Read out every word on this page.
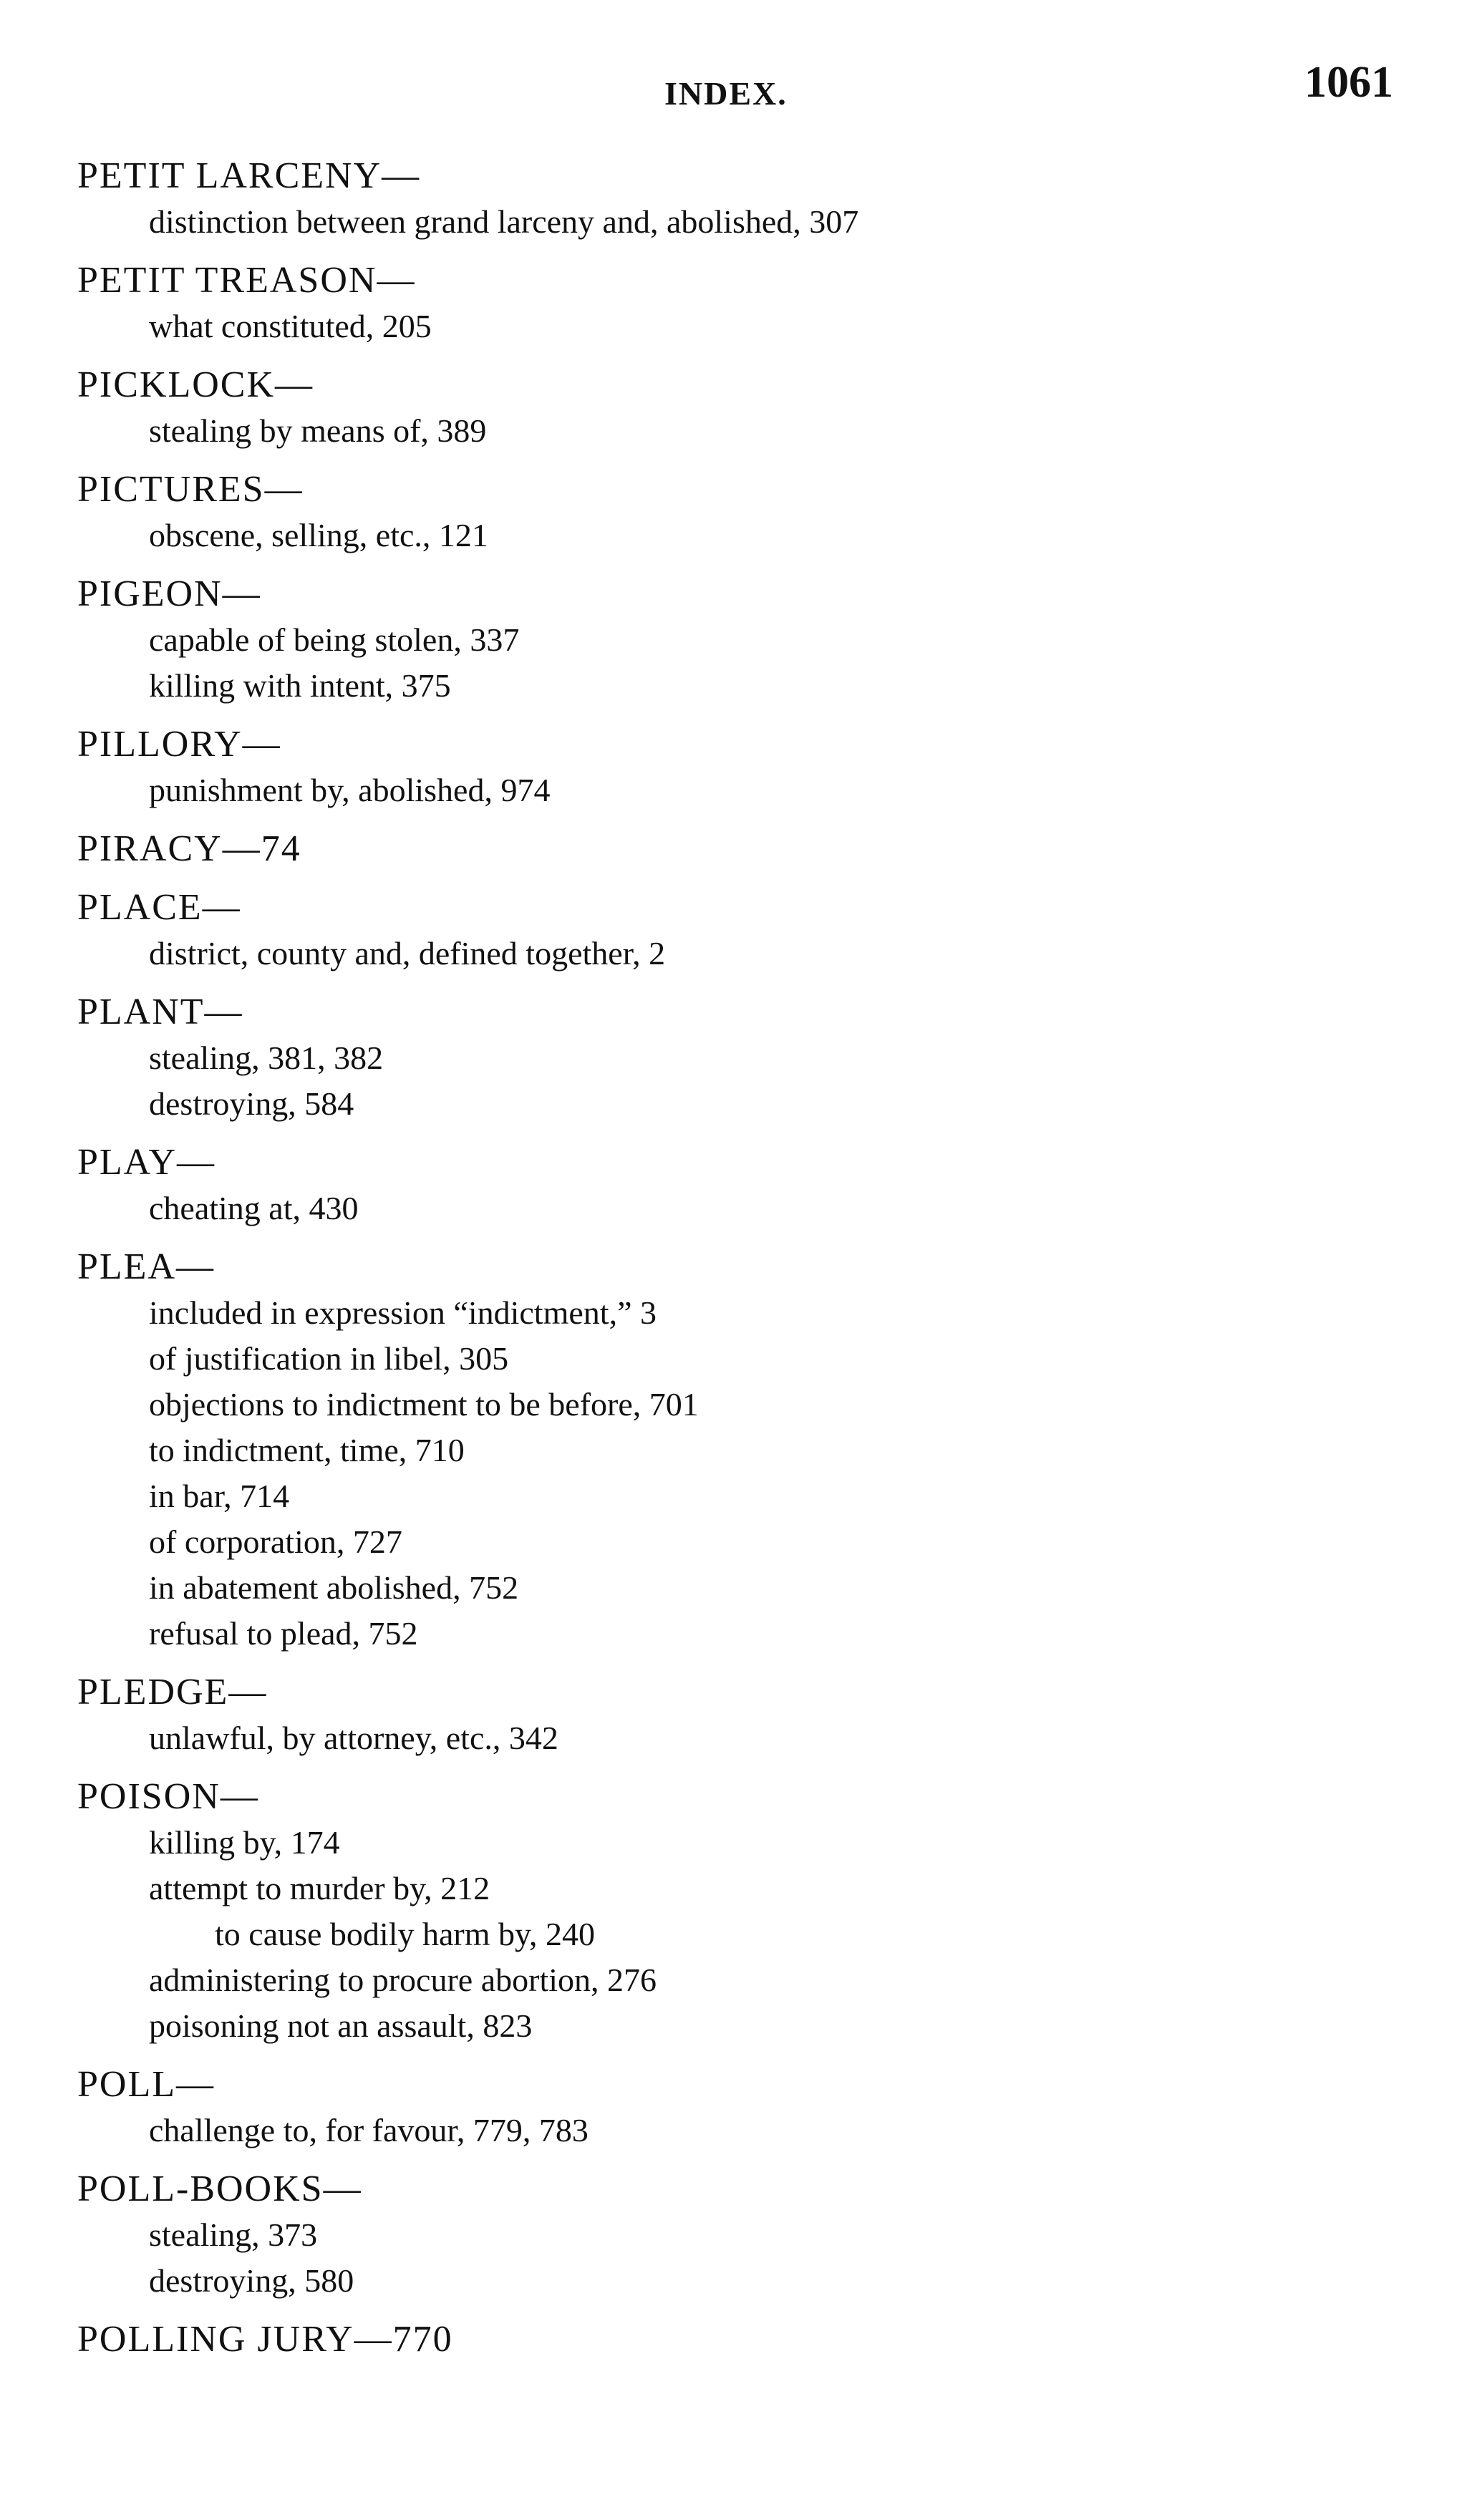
INDEX.	1061
PETIT LARCENY—
distinction between grand larceny and, abolished, 307
PETIT TREASON—
what constituted, 205
PICKLOCK—
stealing by means of, 389
PICTURES—
obscene, selling, etc., 121
PIGEON—
capable of being stolen, 337
killing with intent, 375
PILLORY—
punishment by, abolished, 974
PIRACY—74
PLACE—
district, county and, defined together, 2
PLANT—
stealing, 381, 382
destroying, 584
PLAY—
cheating at, 430
PLEA—
included in expression “indictment,” 3
of justification in libel, 305
objections to indictment to be before, 701
to indictment, time, 710
in bar, 714
of corporation, 727
in abatement abolished, 752
refusal to plead, 752
PLEDGE—
unlawful, by attorney, etc., 342
POISON—
killing by, 174
attempt to murder by, 212
to cause bodily harm by, 240
administering to procure abortion, 276
poisoning not an assault, 823
POLL—
challenge to, for favour, 779, 783
POLL-BOOKS—
stealing, 373
destroying, 580
POLLING JURY—770
